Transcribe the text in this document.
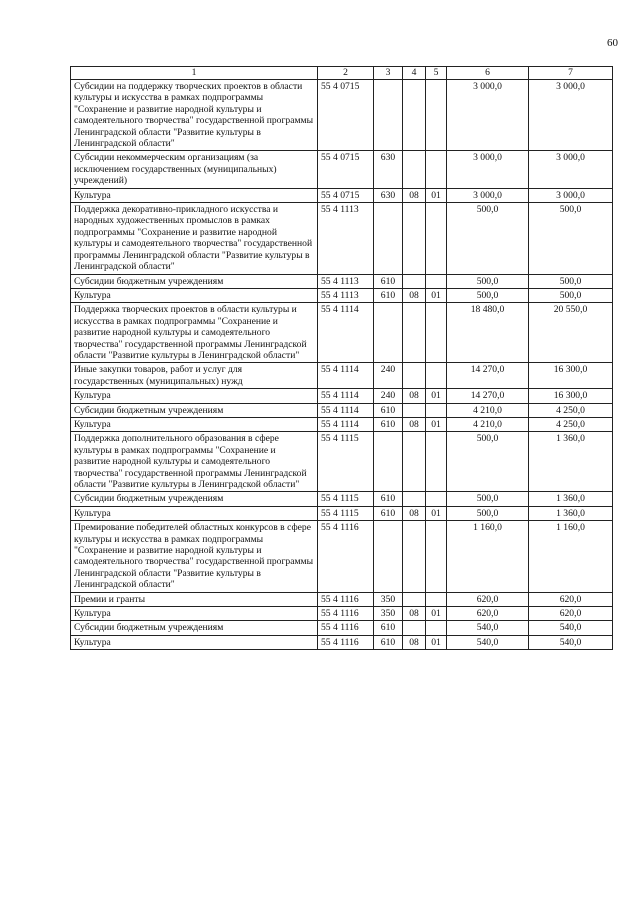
60
1	2	3	4	5	6	7
Субсидии на поддержку творческих проектов в области культуры и искусства в рамках подпрограммы "Сохранение и развитие народной культуры и самодеятельного творчества" государственной программы Ленинградской области "Развитие культуры в Ленинградской области"	55 4 0715				3 000,0	3 000,0
Субсидии некоммерческим организациям (за исключением государственных (муниципальных) учреждений)	55 4 0715	630			3 000,0	3 000,0
Культура	55 4 0715	630	08	01	3 000,0	3 000,0
Поддержка декоративно-прикладного искусства и народных художественных промыслов в рамках подпрограммы "Сохранение и развитие народной культуры и самодеятельного творчества" государственной программы Ленинградской области "Развитие культуры в Ленинградской области"	55 4 1113				500,0	500,0
Субсидии бюджетным учреждениям	55 4 1113	610			500,0	500,0
Культура	55 4 1113	610	08	01	500,0	500,0
Поддержка творческих проектов в области культуры и искусства в рамках подпрограммы "Сохранение и развитие народной культуры и самодеятельного творчества" государственной программы Ленинградской области "Развитие культуры в Ленинградской области"	55 4 1114				18 480,0	20 550,0
Иные закупки товаров, работ и услуг для государственных (муниципальных) нужд	55 4 1114	240			14 270,0	16 300,0
Культура	55 4 1114	240	08	01	14 270,0	16 300,0
Субсидии бюджетным учреждениям	55 4 1114	610			4 210,0	4 250,0
Культура	55 4 1114	610	08	01	4 210,0	4 250,0
Поддержка дополнительного образования в сфере культуры в рамках подпрограммы "Сохранение и развитие народной культуры и самодеятельного творчества" государственной программы Ленинградской области "Развитие культуры в Ленинградской области"	55 4 1115				500,0	1 360,0
Субсидии бюджетным учреждениям	55 4 1115	610			500,0	1 360,0
Культура	55 4 1115	610	08	01	500,0	1 360,0
Премирование победителей областных конкурсов в сфере культуры и искусства в рамках подпрограммы "Сохранение и развитие народной культуры и самодеятельного творчества" государственной программы Ленинградской области "Развитие культуры в Ленинградской области"	55 4 1116				1 160,0	1 160,0
Премии и гранты	55 4 1116	350			620,0	620,0
Культура	55 4 1116	350	08	01	620,0	620,0
Субсидии бюджетным учреждениям	55 4 1116	610			540,0	540,0
Культура	55 4 1116	610	08	01	540,0	540,0
